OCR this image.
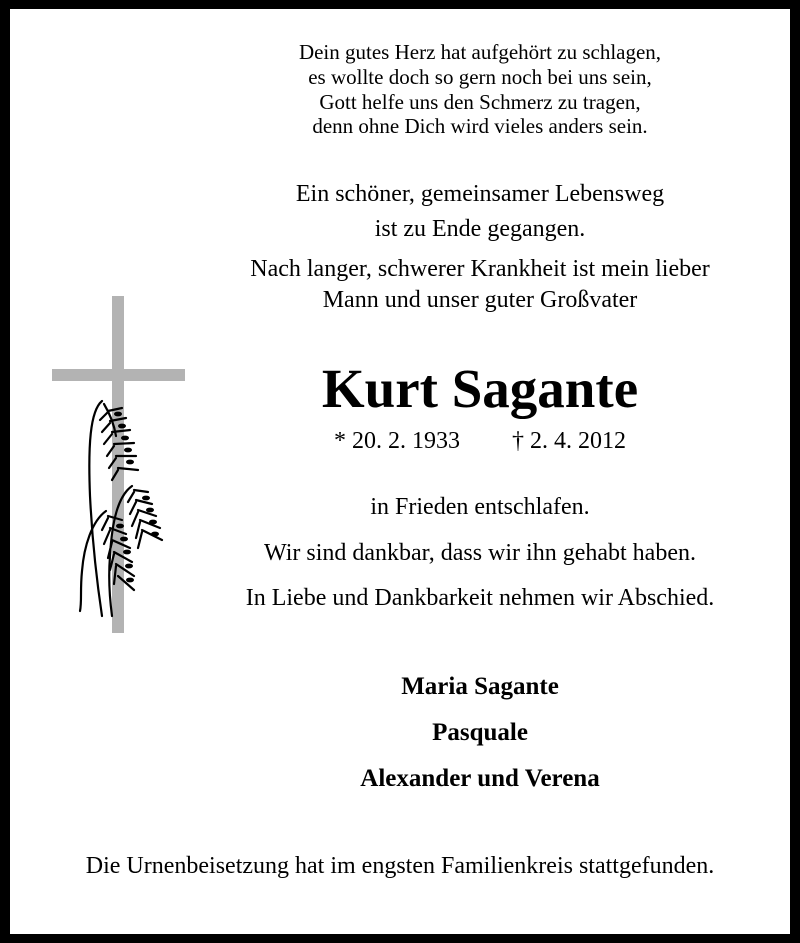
Dein gutes Herz hat aufgehört zu schlagen,
es wollte doch so gern noch bei uns sein,
Gott helfe uns den Schmerz zu tragen,
denn ohne Dich wird vieles anders sein.
Ein schöner, gemeinsamer Lebensweg
ist zu Ende gegangen.
Nach langer, schwerer Krankheit ist mein lieber
Mann und unser guter Großvater
Kurt Sagante
* 20. 2. 1933 † 2. 4. 2012
in Frieden entschlafen.
Wir sind dankbar, dass wir ihn gehabt haben.
In Liebe und Dankbarkeit nehmen wir Abschied.
Maria Sagante
Pasquale
Alexander und Verena
Die Urnenbeisetzung hat im engsten Familienkreis stattgefunden.
